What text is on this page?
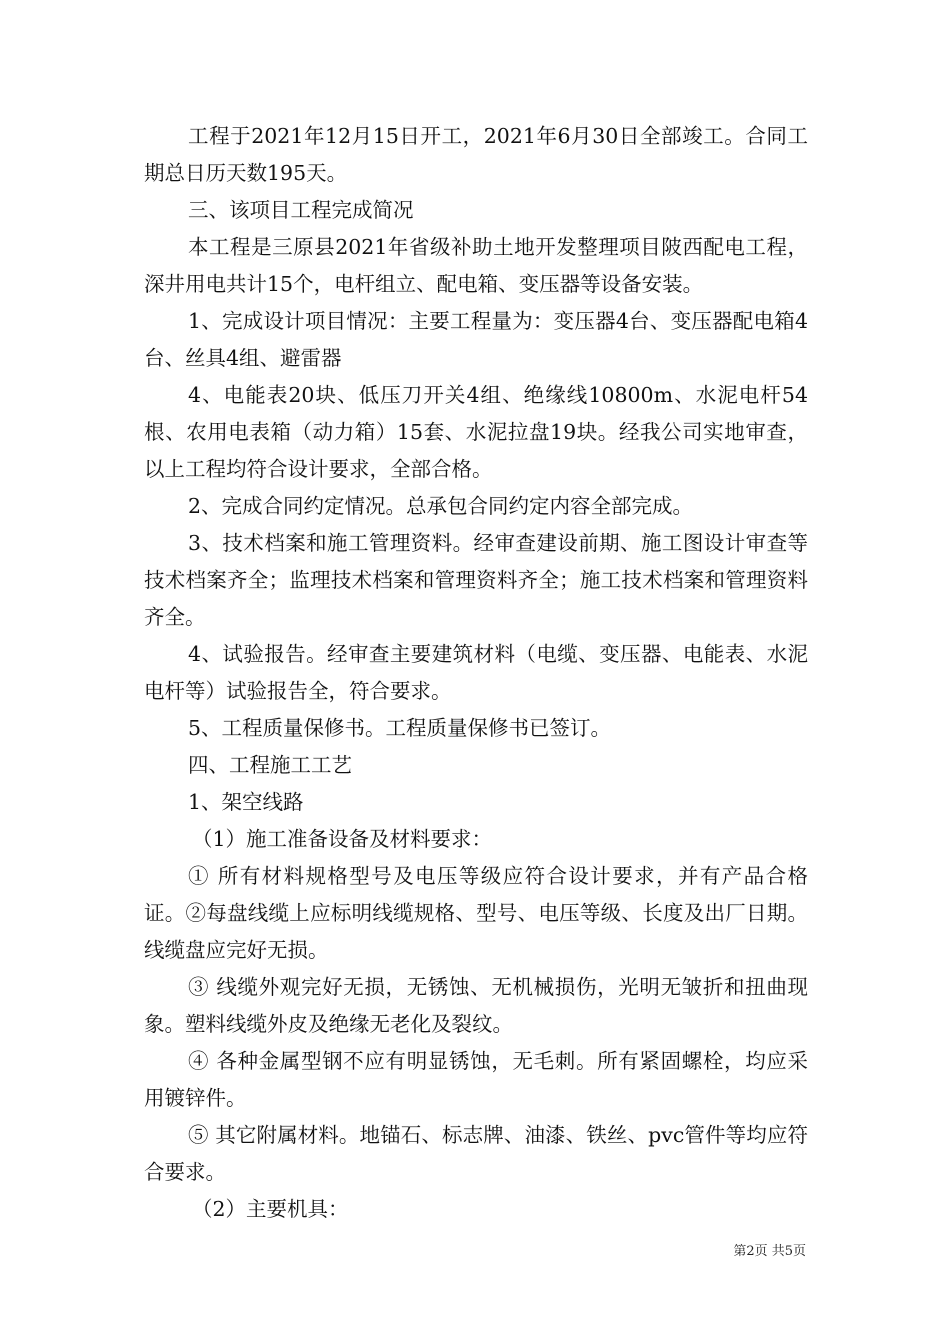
工程于2021年12月15日开工，2021年6月30日全部竣工。合同工期总日历天数195天。

三、该项目工程完成简况

本工程是三原县2021年省级补助土地开发整理项目陂西配电工程，深井用电共计15个，电杆组立、配电箱、变压器等设备安装。

1、完成设计项目情况：主要工程量为：变压器4台、变压器配电箱4台、丝具4组、避雷器

4、电能表20块、低压刀开关4组、绝缘线10800m、水泥电杆54根、农用电表箱（动力箱）15套、水泥拉盘19块。经我公司实地审查，以上工程均符合设计要求，全部合格。

2、完成合同约定情况。总承包合同约定内容全部完成。

3、技术档案和施工管理资料。经审查建设前期、施工图设计审查等技术档案齐全；监理技术档案和管理资料齐全；施工技术档案和管理资料齐全。

4、试验报告。经审查主要建筑材料（电缆、变压器、电能表、水泥电杆等）试验报告全，符合要求。

5、工程质量保修书。工程质量保修书已签订。

四、工程施工工艺

1、架空线路

（1）施工准备设备及材料要求：

① 所有材料规格型号及电压等级应符合设计要求，并有产品合格证。②每盘线缆上应标明线缆规格、型号、电压等级、长度及出厂日期。线缆盘应完好无损。

③ 线缆外观完好无损，无锈蚀、无机械损伤，光明无皱折和扭曲现象。塑料线缆外皮及绝缘无老化及裂纹。

④ 各种金属型钢不应有明显锈蚀，无毛刺。所有紧固螺栓，均应采用镀锌件。

⑤ 其它附属材料。地锚石、标志牌、油漆、铁丝、pvc管件等均应符合要求。

（2）主要机具：

第2页 共5页
